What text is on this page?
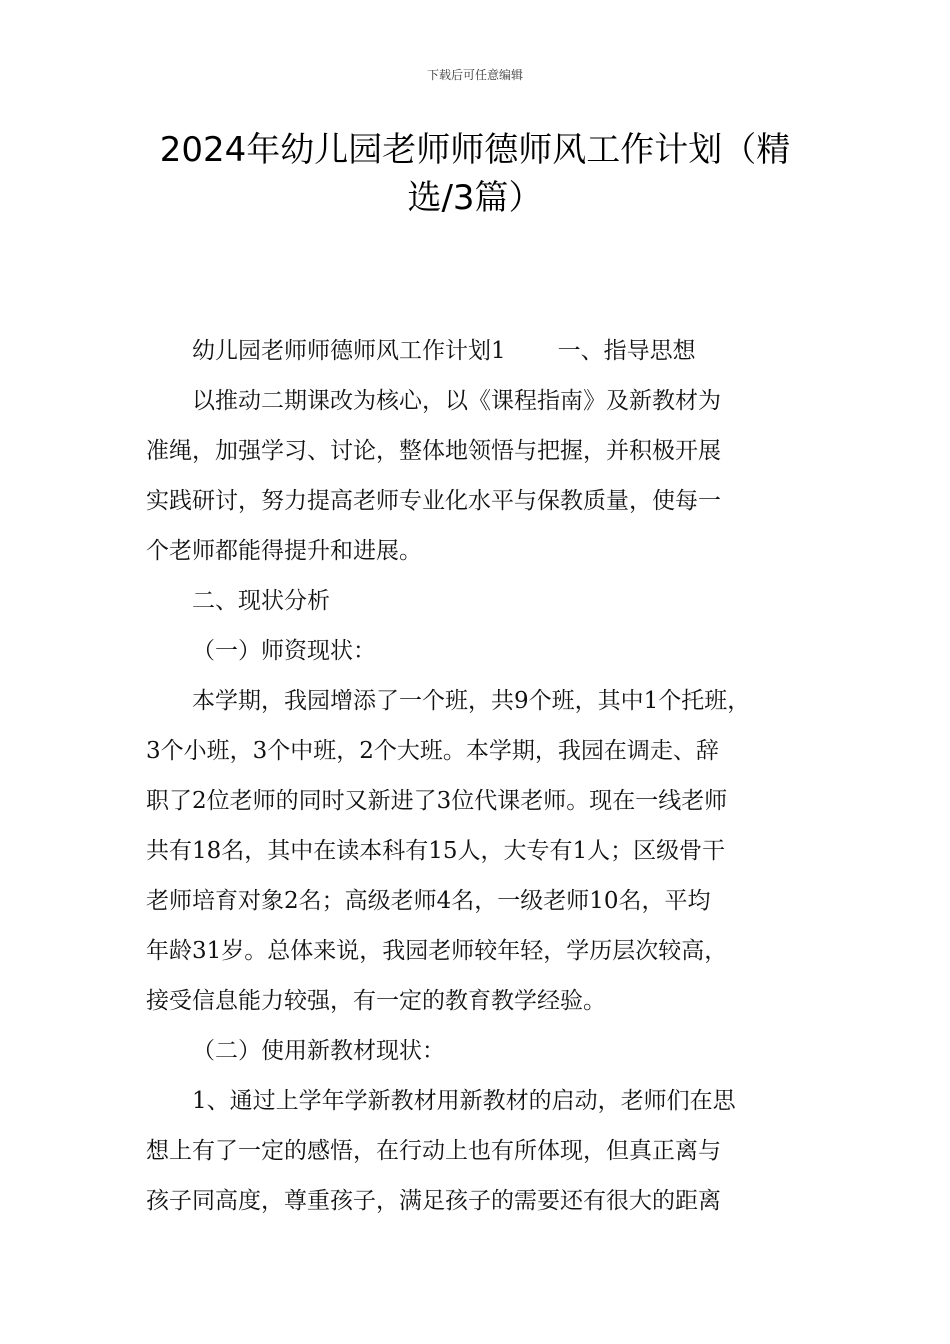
下载后可任意编辑
2024年幼儿园老师师德师风工作计划（精
选/3篇）

幼儿园老师师德师风工作计划1 一、指导思想

以推动二期课改为核心，以《课程指南》及新教材为

准绳，加强学习、讨论，整体地领悟与把握，并积极开展

实践研讨，努力提高老师专业化水平与保教质量，使每一

个老师都能得提升和进展。

二、现状分析

（一）师资现状：

本学期，我园增添了一个班，共9个班，其中1个托班，

3个小班，3个中班，2个大班。本学期，我园在调走、辞

职了2位老师的同时又新进了3位代课老师。现在一线老师

共有18名，其中在读本科有15人，大专有1人；区级骨干

老师培育对象2名；高级老师4名，一级老师10名，平均

年龄31岁。总体来说，我园老师较年轻，学历层次较高，

接受信息能力较强，有一定的教育教学经验。

（二）使用新教材现状：

1、通过上学年学新教材用新教材的启动，老师们在思

想上有了一定的感悟，在行动上也有所体现，但真正离与

孩子同高度，尊重孩子，满足孩子的需要还有很大的距离
